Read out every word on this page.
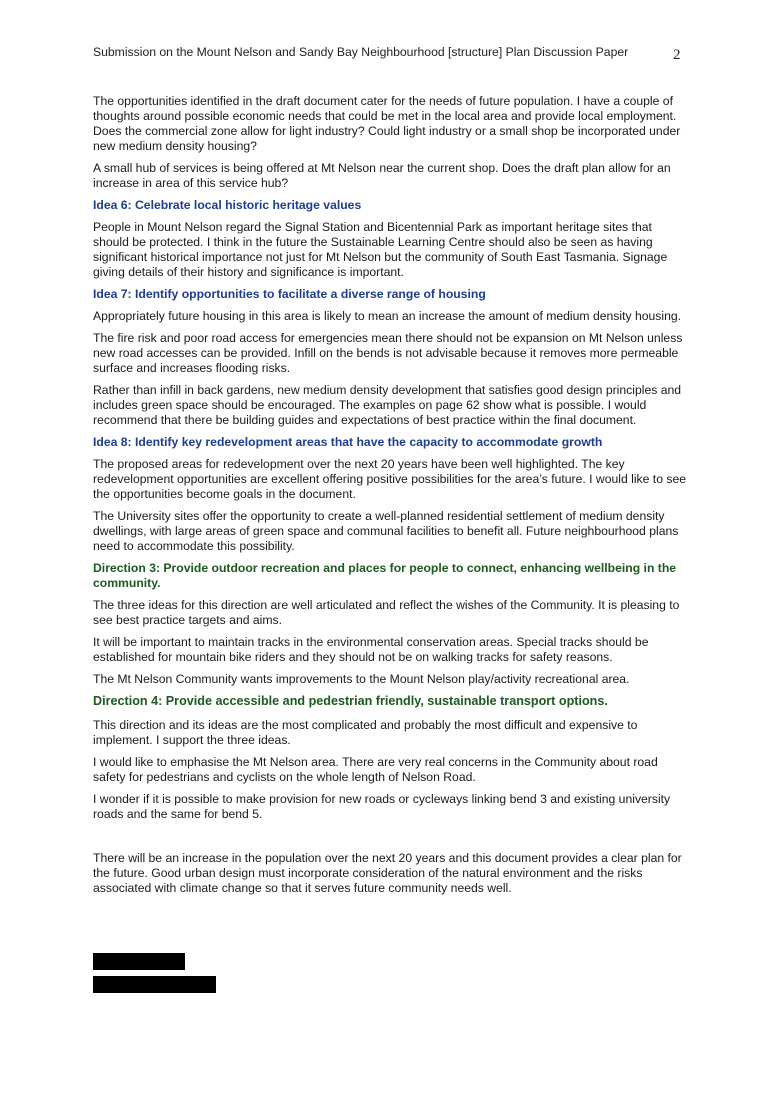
Submission on the Mount Nelson and Sandy Bay Neighbourhood [structure] Plan Discussion Paper	2

The opportunities identified in the draft document cater for the needs of future population. I have a couple of thoughts around possible economic needs that could be met in the local area and provide local employment. Does the commercial zone allow for light industry? Could light industry or a small shop be incorporated under new medium density housing?

A small hub of services is being offered at Mt Nelson near the current shop. Does the draft plan allow for an increase in area of this service hub?

Idea 6: Celebrate local historic heritage values

People in Mount Nelson regard the Signal Station and Bicentennial Park as important heritage sites that should be protected. I think in the future the Sustainable Learning Centre should also be seen as having significant historical importance not just for Mt Nelson but the community of South East Tasmania. Signage giving details of their history and significance is important.

Idea 7: Identify opportunities to facilitate a diverse range of housing

Appropriately future housing in this area is likely to mean an increase the amount of medium density housing.

The fire risk and poor road access for emergencies mean there should not be expansion on Mt Nelson unless new road accesses can be provided. Infill on the bends is not advisable because it removes more permeable surface and increases flooding risks.

Rather than infill in back gardens, new medium density development that satisfies good design principles and includes green space should be encouraged. The examples on page 62 show what is possible. I would recommend that there be building guides and expectations of best practice within the final document.

Idea 8: Identify key redevelopment areas that have the capacity to accommodate growth

The proposed areas for redevelopment over the next 20 years have been well highlighted. The key redevelopment opportunities are excellent offering positive possibilities for the area’s future. I would like to see the opportunities become goals in the document.

The University sites offer the opportunity to create a well-planned residential settlement of medium density dwellings, with large areas of green space and communal facilities to benefit all. Future neighbourhood plans need to accommodate this possibility.

Direction 3: Provide outdoor recreation and places for people to connect, enhancing wellbeing in the community.

The three ideas for this direction are well articulated and reflect the wishes of the Community. It is pleasing to see best practice targets and aims.

It will be important to maintain tracks in the environmental conservation areas. Special tracks should be established for mountain bike riders and they should not be on walking tracks for safety reasons.

The Mt Nelson Community wants improvements to the Mount Nelson play/activity recreational area.

Direction 4: Provide accessible and pedestrian friendly, sustainable transport options.

This direction and its ideas are the most complicated and probably the most difficult and expensive to implement. I support the three ideas.

I would like to emphasise the Mt Nelson area. There are very real concerns in the Community about road safety for pedestrians and cyclists on the whole length of Nelson Road.

I wonder if it is possible to make provision for new roads or cycleways linking bend 3 and existing university roads and the same for bend 5.

There will be an increase in the population over the next 20 years and this document provides a clear plan for the future. Good urban design must incorporate consideration of the natural environment and the risks associated with climate change so that it serves future community needs well.
